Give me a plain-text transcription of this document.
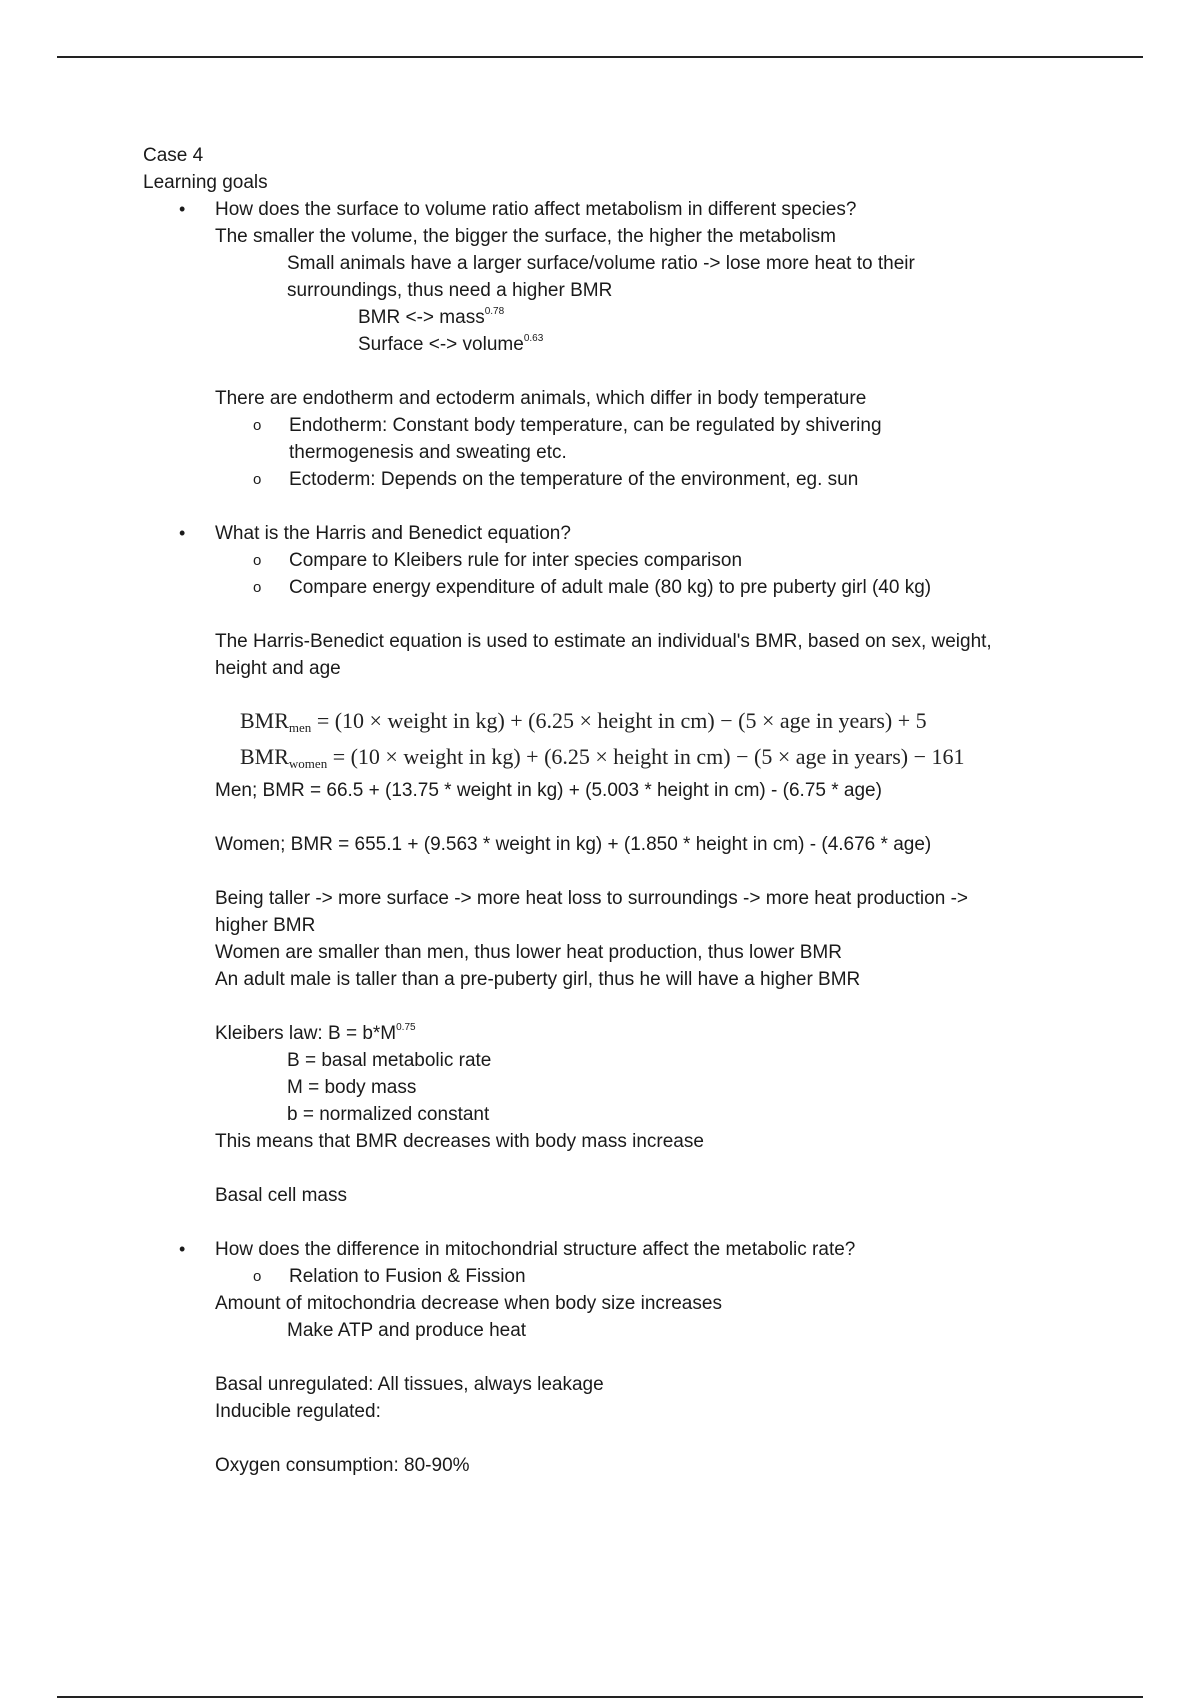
Case 4
Learning goals
• How does the surface to volume ratio affect metabolism in different species?
The smaller the volume, the bigger the surface, the higher the metabolism
Small animals have a larger surface/volume ratio -> lose more heat to their
surroundings, thus need a higher BMR
BMR <-> mass$^{0.78}$
Surface <-> volume$^{0.63}$
There are endotherm and ectoderm animals, which differ in body temperature
o Endotherm: Constant body temperature, can be regulated by shivering
thermogenesis and sweating etc.
o Ectoderm: Depends on the temperature of the environment, eg. sun
• What is the Harris and Benedict equation?
o Compare to Kleibers rule for inter species comparison
o Compare energy expenditure of adult male (80 kg) to pre puberty girl (40 kg)
The Harris-Benedict equation is used to estimate an individual's BMR, based on sex, weight,
height and age
$BMR_{men} = (10$ × weight in kg) + (6.25 × height in cm) − (5 × age in years) + 5
$BMR_{women} = (10$ × weight in kg) + (6.25 × height in cm) − (5 × age in years) − 161
Men; BMR = 66.5 + (13.75 * weight in kg) + (5.003 * height in cm) - (6.75 * age)
Women; BMR = 655.1 + (9.563 * weight in kg) + (1.850 * height in cm) - (4.676 * age)
Being taller -> more surface -> more heat loss to surroundings -> more heat production ->
higher BMR
Women are smaller than men, thus lower heat production, thus lower BMR
An adult male is taller than a pre-puberty girl, thus he will have a higher BMR
Kleibers law: $B = b*M^{0.75}$
B = basal metabolic rate
M = body mass
b = normalized constant
This means that BMR decreases with body mass increase
Basal cell mass
• How does the difference in mitochondrial structure affect the metabolic rate?
o Relation to Fusion & Fission
Amount of mitochondria decrease when body size increases
Make ATP and produce heat
Basal unregulated: All tissues, always leakage
Inducible regulated:
Oxygen consumption: 80-90%
